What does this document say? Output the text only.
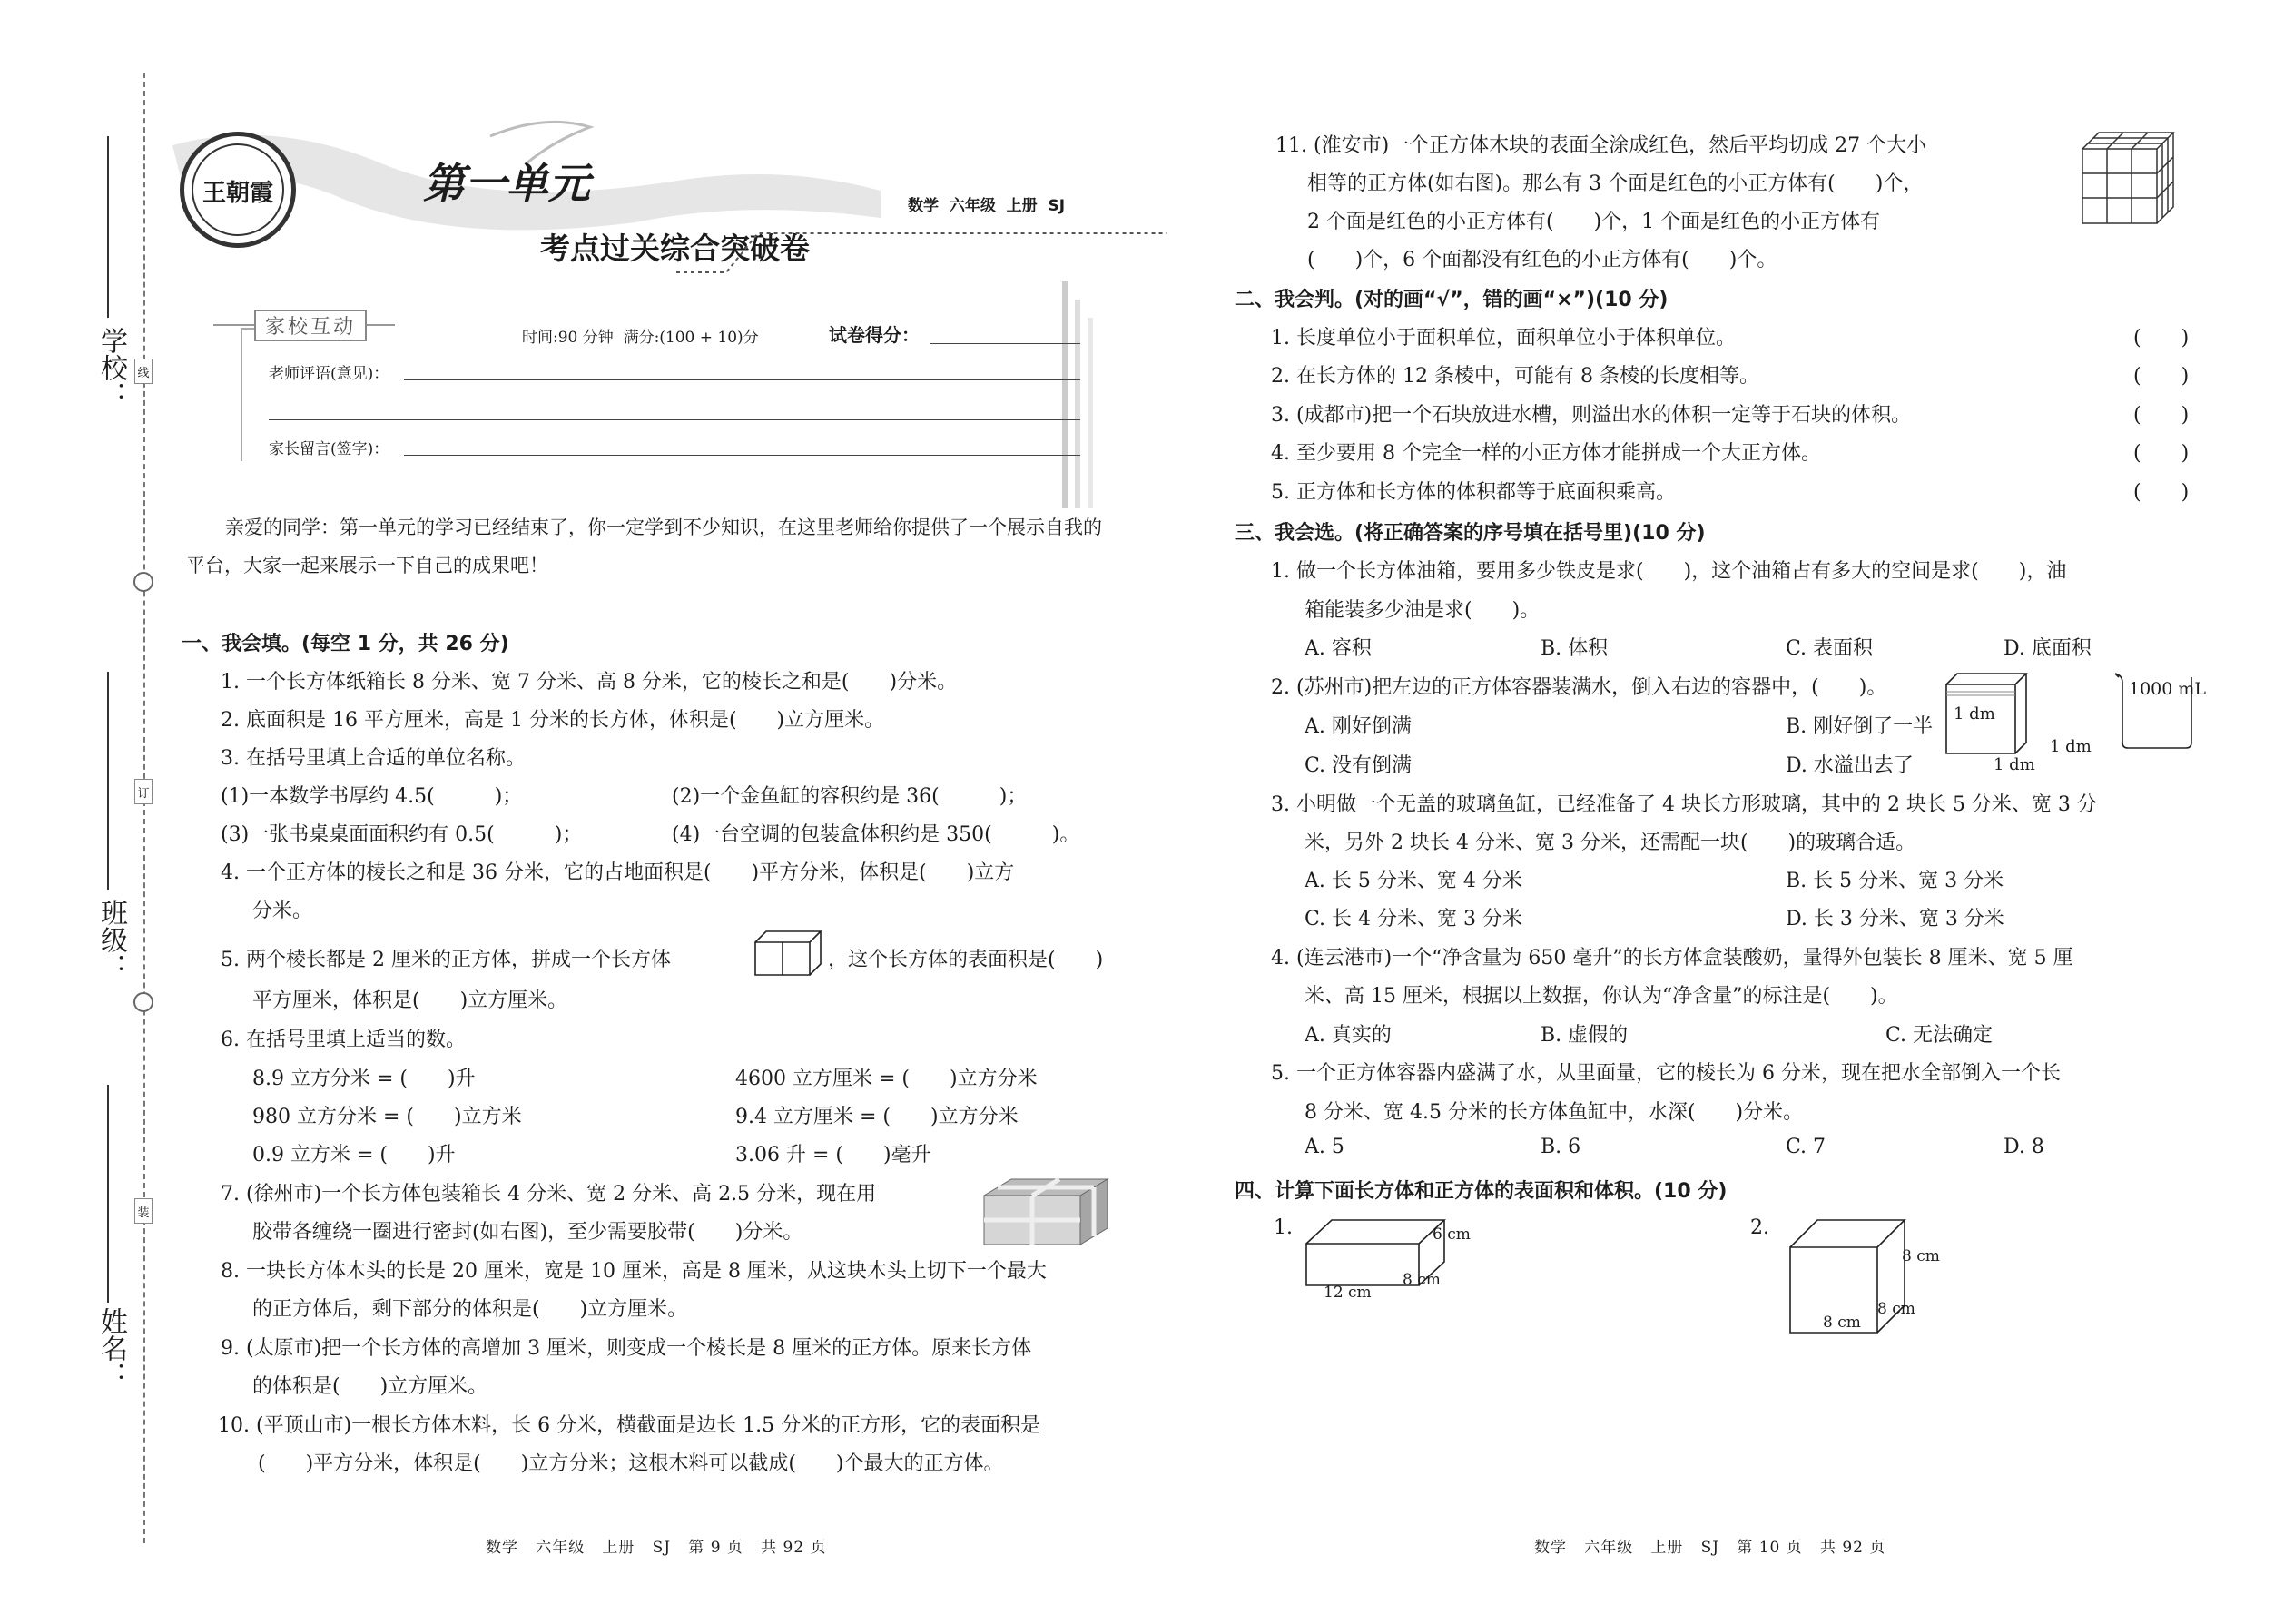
学校：
班级：
姓名：
线
订
装
王朝霞	第一单元
考点过关综合突破卷
数学  六年级  上册  SJ
家校互动	时间:90 分钟  满分:(100 + 10)分	试卷得分：
老师评语(意见)：
家长留言(签字)：
亲爱的同学：第一单元的学习已经结束了，你一定学到不少知识，在这里老师给你提供了一个展示自我的
平台，大家一起来展示一下自己的成果吧！
一、我会填。(每空 1 分，共 26 分)
1. 一个长方体纸箱长 8 分米、宽 7 分米、高 8 分米，它的棱长之和是(　　)分米。
2. 底面积是 16 平方厘米，高是 1 分米的长方体，体积是(　　)立方厘米。
3. 在括号里填上合适的单位名称。
(1)一本数学书厚约 4.5(　　　)；	(2)一个金鱼缸的容积约是 36(　　　)；
(3)一张书桌桌面面积约有 0.5(　　　)；	(4)一台空调的包装盒体积约是 350(　　　)。
4. 一个正方体的棱长之和是 36 分米，它的占地面积是(　　)平方分米，体积是(　　)立方
分米。
5. 两个棱长都是 2 厘米的正方体，拼成一个长方体	，这个长方体的表面积是(　　)
平方厘米，体积是(　　)立方厘米。
6. 在括号里填上适当的数。
8.9 立方分米 = (　　)升	4600 立方厘米 = (　　)立方分米
980 立方分米 = (　　)立方米	9.4 立方厘米 = (　　)立方分米
0.9 立方米 = (　　)升	3.06 升 = (　　)毫升
7. (徐州市)一个长方体包装箱长 4 分米、宽 2 分米、高 2.5 分米，现在用
胶带各缠绕一圈进行密封(如右图)，至少需要胶带(　　)分米。
8. 一块长方体木头的长是 20 厘米，宽是 10 厘米，高是 8 厘米，从这块木头上切下一个最大
的正方体后，剩下部分的体积是(　　)立方厘米。
9. (太原市)把一个长方体的高增加 3 厘米，则变成一个棱长是 8 厘米的正方体。原来长方体
的体积是(　　)立方厘米。
10. (平顶山市)一根长方体木料，长 6 分米，横截面是边长 1.5 分米的正方形，它的表面积是
(　　)平方分米，体积是(　　)立方分米；这根木料可以截成(　　)个最大的正方体。
11. (淮安市)一个正方体木块的表面全涂成红色，然后平均切成 27 个大小
相等的正方体(如右图)。那么有 3 个面是红色的小正方体有(　　)个，
2 个面是红色的小正方体有(　　)个，1 个面是红色的小正方体有
(　　)个，6 个面都没有红色的小正方体有(　　)个。
二、我会判。(对的画“√”，错的画“×”)(10 分)
1. 长度单位小于面积单位，面积单位小于体积单位。	(　　)
2. 在长方体的 12 条棱中，可能有 8 条棱的长度相等。	(　　)
3. (成都市)把一个石块放进水槽，则溢出水的体积一定等于石块的体积。	(　　)
4. 至少要用 8 个完全一样的小正方体才能拼成一个大正方体。	(　　)
5. 正方体和长方体的体积都等于底面积乘高。	(　　)
三、我会选。(将正确答案的序号填在括号里)(10 分)
1. 做一个长方体油箱，要用多少铁皮是求(　　)，这个油箱占有多大的空间是求(　　)，油
箱能装多少油是求(　　)。
A. 容积	B. 体积	C. 表面积	D. 底面积
2. (苏州市)把左边的正方体容器装满水，倒入右边的容器中，(　　)。
A. 刚好倒满	B. 刚好倒了一半
C. 没有倒满	D. 水溢出去了
1 dm
1 dm
1 dm
1000 mL
3. 小明做一个无盖的玻璃鱼缸，已经准备了 4 块长方形玻璃，其中的 2 块长 5 分米、宽 3 分
米，另外 2 块长 4 分米、宽 3 分米，还需配一块(　　)的玻璃合适。
A. 长 5 分米、宽 4 分米	B. 长 5 分米、宽 3 分米
C. 长 4 分米、宽 3 分米	D. 长 3 分米、宽 3 分米
4. (连云港市)一个“净含量为 650 毫升”的长方体盒装酸奶，量得外包装长 8 厘米、宽 5 厘
米、高 15 厘米，根据以上数据，你认为“净含量”的标注是(　　)。
A. 真实的	B. 虚假的	C. 无法确定
5. 一个正方体容器内盛满了水，从里面量，它的棱长为 6 分米，现在把水全部倒入一个长
8 分米、宽 4.5 分米的长方体鱼缸中，水深(　　)分米。
A. 5	B. 6	C. 7	D. 8
四、计算下面长方体和正方体的表面积和体积。(10 分)
1.	6 cm
8 cm
12 cm
2.
8 cm
8 cm
8 cm
数学   六年级   上册   SJ   第 9 页   共 92 页	数学   六年级   上册   SJ   第 10 页   共 92 页
